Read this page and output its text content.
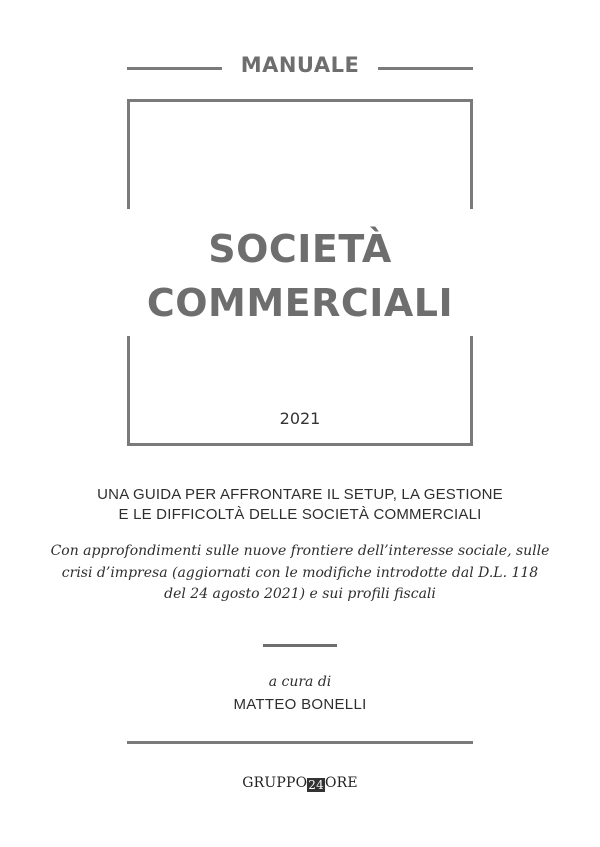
MANUALE
SOCIETÀ
COMMERCIALI
2021
UNA GUIDA PER AFFRONTARE IL SETUP, LA GESTIONE
E LE DIFFICOLTÀ DELLE SOCIETÀ COMMERCIALI
Con approfondimenti sulle nuove frontiere dell’interesse sociale, sulle
crisi d’impresa (aggiornati con le modifiche introdotte dal D.L. 118
del 24 agosto 2021) e sui profili fiscali
a cura di
MATTEO BONELLI
GRUPPO24ORE
